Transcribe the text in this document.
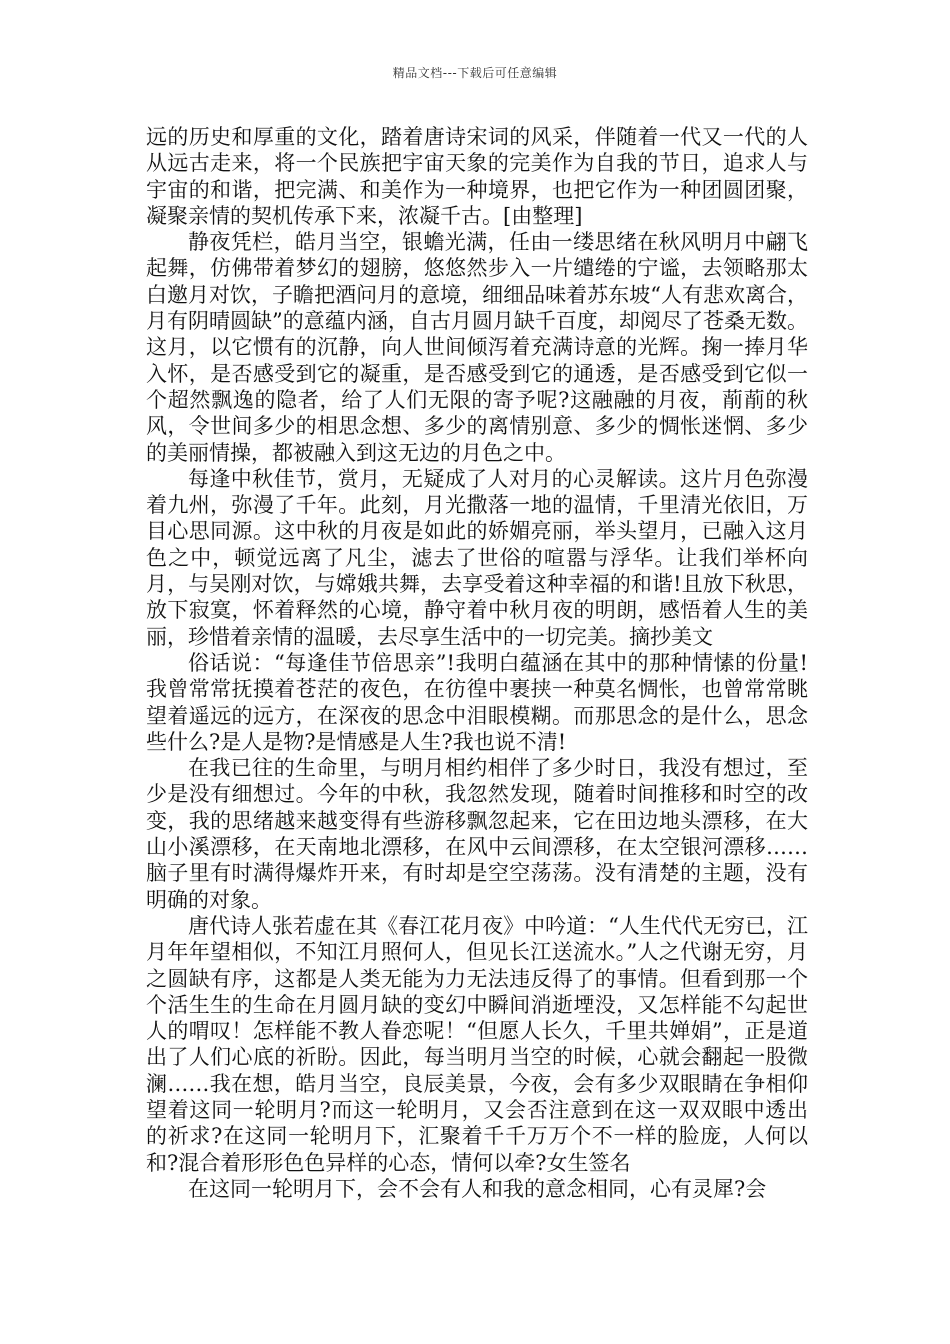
精品文档---下载后可任意编辑

远的历史和厚重的文化，踏着唐诗宋词的风采，伴随着一代又一代的人从远古走来，将一个民族把宇宙天象的完美作为自我的节日，追求人与宇宙的和谐，把完满、和美作为一种境界，也把它作为一种团圆团聚，凝聚亲情的契机传承下来，浓凝千古。[由整理]

静夜凭栏，皓月当空，银蟾光满，任由一缕思绪在秋风明月中翩飞起舞，仿佛带着梦幻的翅膀，悠悠然步入一片缱绻的宁谧，去领略那太白邀月对饮，子瞻把酒问月的意境，细细品味着苏东坡“人有悲欢离合，月有阴晴圆缺”的意蕴内涵，自古月圆月缺千百度，却阅尽了苍桑无数。这月，以它惯有的沉静，向人世间倾泻着充满诗意的光辉。掬一捧月华入怀，是否感受到它的凝重，是否感受到它的通透，是否感受到它似一个超然飘逸的隐者，给了人们无限的寄予呢?这融融的月夜，萷萷的秋风，令世间多少的相思念想、多少的离情别意、多少的惆怅迷惘、多少的美丽情操，都被融入到这无边的月色之中。

每逢中秋佳节，赏月，无疑成了人对月的心灵解读。这片月色弥漫着九州，弥漫了千年。此刻，月光撒落一地的温情，千里清光依旧，万目心思同源。这中秋的月夜是如此的娇媚亮丽，举头望月，已融入这月色之中，顿觉远离了凡尘，滤去了世俗的喧嚣与浮华。让我们举杯向月，与吴刚对饮，与嫦娥共舞，去享受着这种幸福的和谐!且放下秋思，放下寂寞，怀着释然的心境，静守着中秋月夜的明朗，感悟着人生的美丽，珍惜着亲情的温暖，去尽享生活中的一切完美。摘抄美文

俗话说：“每逢佳节倍思亲”!我明白蕴涵在其中的那种情愫的份量!我曾常常抚摸着苍茫的夜色，在彷徨中裹挟一种莫名惆怅，也曾常常眺望着遥远的远方，在深夜的思念中泪眼模糊。而那思念的是什么，思念些什么?是人是物?是情感是人生?我也说不清!

在我已往的生命里，与明月相约相伴了多少时日，我没有想过，至少是没有细想过。今年的中秋，我忽然发现，随着时间推移和时空的改变，我的思绪越来越变得有些游移飘忽起来，它在田边地头漂移，在大山小溪漂移，在天南地北漂移，在风中云间漂移，在太空银河漂移……脑子里有时满得爆炸开来，有时却是空空荡荡。没有清楚的主题，没有明确的对象。

唐代诗人张若虚在其《春江花月夜》中吟道：“人生代代无穷已，江月年年望相似，不知江月照何人，但见长江送流水。”人之代谢无穷，月之圆缺有序，这都是人类无能为力无法违反得了的事情。但看到那一个个活生生的生命在月圆月缺的变幻中瞬间消逝堙没，又怎样能不勾起世人的喟叹！怎样能不教人眷恋呢！“但愿人长久，千里共婵娟”，正是道出了人们心底的祈盼。因此，每当明月当空的时候，心就会翻起一股微澜……我在想，皓月当空，良辰美景，今夜，会有多少双眼睛在争相仰望着这同一轮明月?而这一轮明月，又会否注意到在这一双双眼中透出的祈求?在这同一轮明月下，汇聚着千千万万个不一样的脸庞，人何以和?混合着形形色色异样的心态，情何以牵?女生签名

在这同一轮明月下，会不会有人和我的意念相同，心有灵犀?会
